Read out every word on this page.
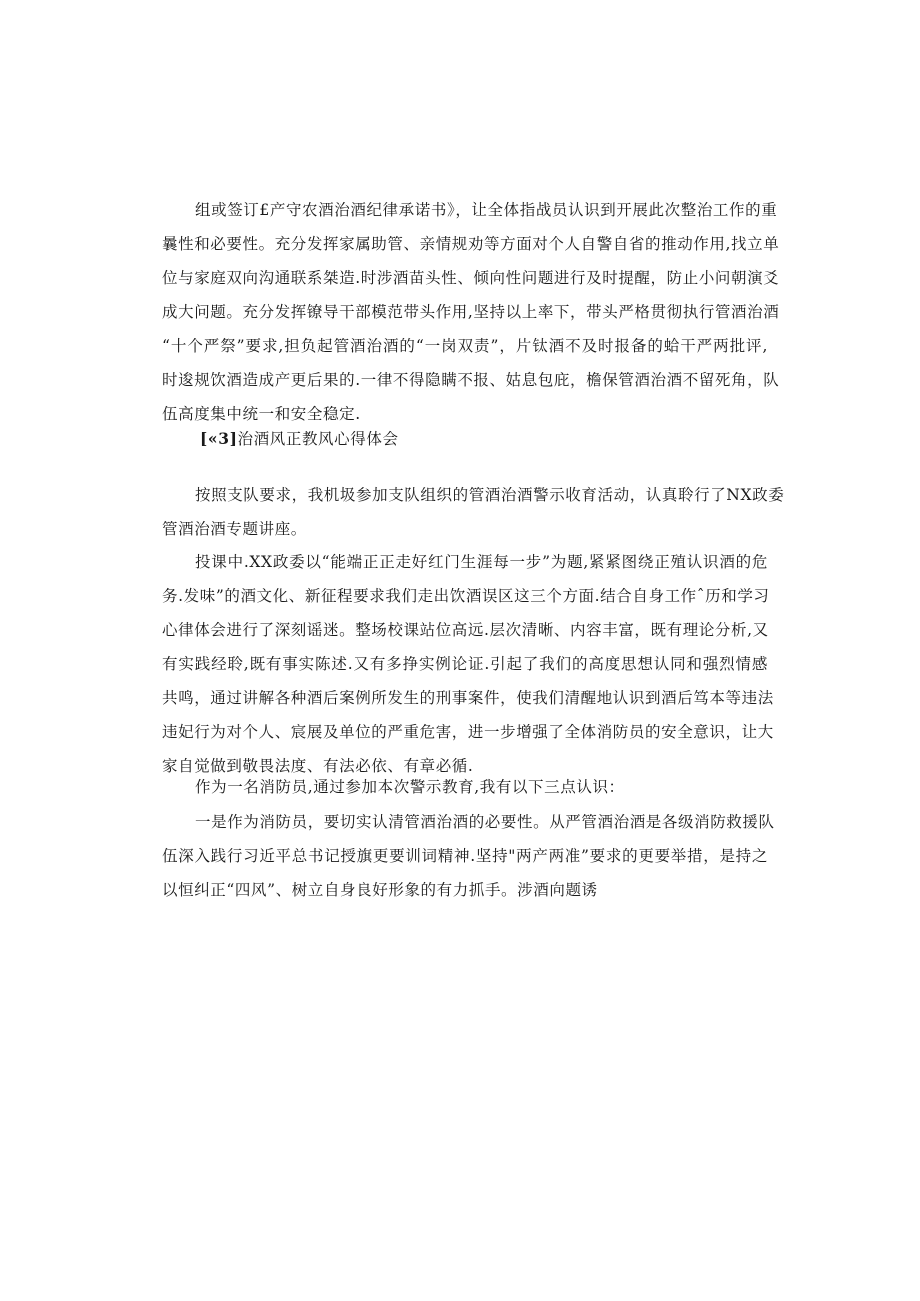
组或签订£产守农酒治酒纪律承诺书》，让全体指战员认识到开展此次整治工作的重
曩性和必要性。充分发挥家属助管、亲情规劝等方面对个人自警自省的推动作用,找立单
位与家庭双向沟通联系桀造.时涉酒苗头性、倾向性问题进行及时提醒，防止小问朝演爻
成大问题。充分发挥镣导干部模范带头作用,坚持以上率下，带头严格贯彻执行管酒治酒
“十个严祭”要求,担负起管酒治酒的“一岗双责”，片钛酒不及时报备的蛤干严两批评,
时逡规饮酒造成产更后果的.一律不得隐瞒不报、姑息包庇，檐保管酒治酒不留死角，队
伍高度集中统一和安全稳定.
[«3]治酒风正教风心得体会
按照支队要求，我机圾参加支队组织的管酒治酒警示收育活动，认真聆行了NX政委
管酒治酒专题讲座。
投课中.XX政委以“能端正正走好红门生涯每一步”为题,紧紧图绕正殖认识酒的危
务.发味”的酒文化、新征程要求我们走出饮酒误区这三个方面.结合自身工作ˆ历和学习
心律体会进行了深刻谣迷。整场校课站位高远.层次清晰、内容丰富，既有理论分析,又
有实践经聆,既有事实陈述.又有多挣实例论证.引起了我们的高度思想认同和强烈情感
共鸣，通过讲解各种酒后案例所发生的刑事案件，使我们清醒地认识到酒后笃本等违法
违妃行为对个人、宸展及单位的严重危害，进一步增强了全体消防员的安全意识，让大
家自觉做到敬畏法度、有法必依、有章必循.
作为一名消防员,通过参加本次警示教育,我有以下三点认识：
一是作为消防员，要切实认清管酒治酒的必要性。从严管酒治酒是各级消防救援队
伍深入践行习近平总书记授旗更要训词精神.坚持"两产两准”要求的更要举措，是持之
以恒纠正“四风”、树立自身良好形象的有力抓手。涉酒向题诱
